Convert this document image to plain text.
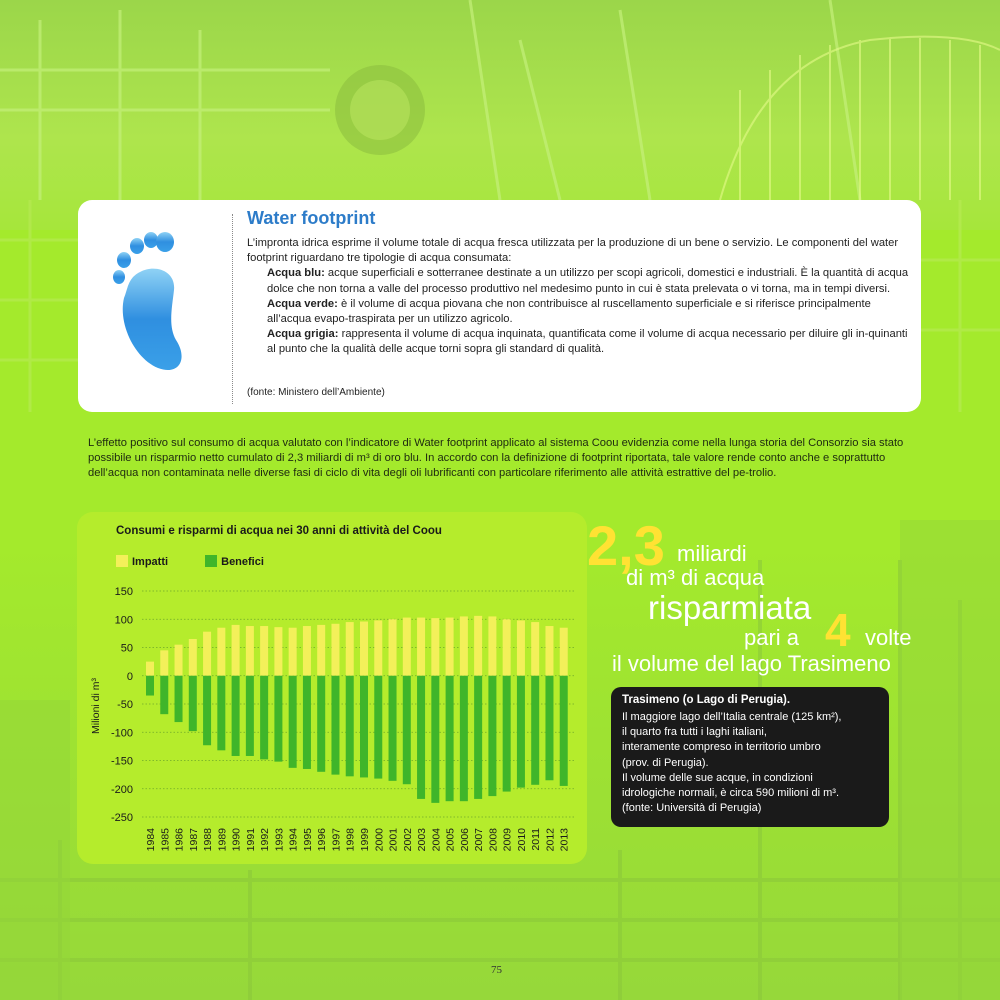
Water footprint

L’impronta idrica esprime il volume totale di acqua fresca utilizzata per la produzione di un bene o servizio. Le componenti del water footprint riguardano tre tipologie di acqua consumata:

Acqua blu: acque superficiali e sotterranee destinate a un utilizzo per scopi agricoli, domestici e industriali. È la quantità di acqua dolce che non torna a valle del processo produttivo nel medesimo punto in cui è stata prelevata o vi torna, ma in tempi diversi.

Acqua verde: è il volume di acqua piovana che non contribuisce al ruscellamento superficiale e si riferisce principalmente all’acqua evapo-traspirata per un utilizzo agricolo.

Acqua grigia: rappresenta il volume di acqua inquinata, quantificata come il volume di acqua necessario per diluire gli in-quinanti al punto che la qualità delle acque torni sopra gli standard di qualità.

(fonte: Ministero dell’Ambiente)
L’effetto positivo sul consumo di acqua valutato con l’indicatore di Water footprint applicato al sistema Coou evidenzia come nella lunga storia del Consorzio sia stato possibile un risparmio netto cumulato di 2,3 miliardi di m³ di oro blu. In accordo con la definizione di footprint riportata, tale valore rende conto anche e soprattutto dell’acqua non contaminata nelle diverse fasi di ciclo di vita degli oli lubrificanti con particolare riferimento alle attività estrattive del pe-trolio.
Consumi e risparmi di acqua nei 30 anni di attività del Coou
Impatti	Benefici
150
100
50
0
-50
-100
-150
-200
-250
Milioni di m³
1984 1985 1986 1987 1988 1989 1990 1991 1992 1993 1994 1995 1996 1997 1998 1999 2000 2001 2002 2003 2004 2005 2006 2007 2008 2009 2010 2011 2012 2013
2,3 miliardi
di m³ di acqua
risparmiata
pari a 4 volte
il volume del lago Trasimeno
Trasimeno (o Lago di Perugia).

Il maggiore lago dell’Italia centrale (125 km²),

il quarto fra tutti i laghi italiani,

interamente compreso in territorio umbro

(prov. di Perugia).

Il volume delle sue acque, in condizioni

idrologiche normali, è circa 590 milioni di m³.

(fonte: Università di Perugia)

75
